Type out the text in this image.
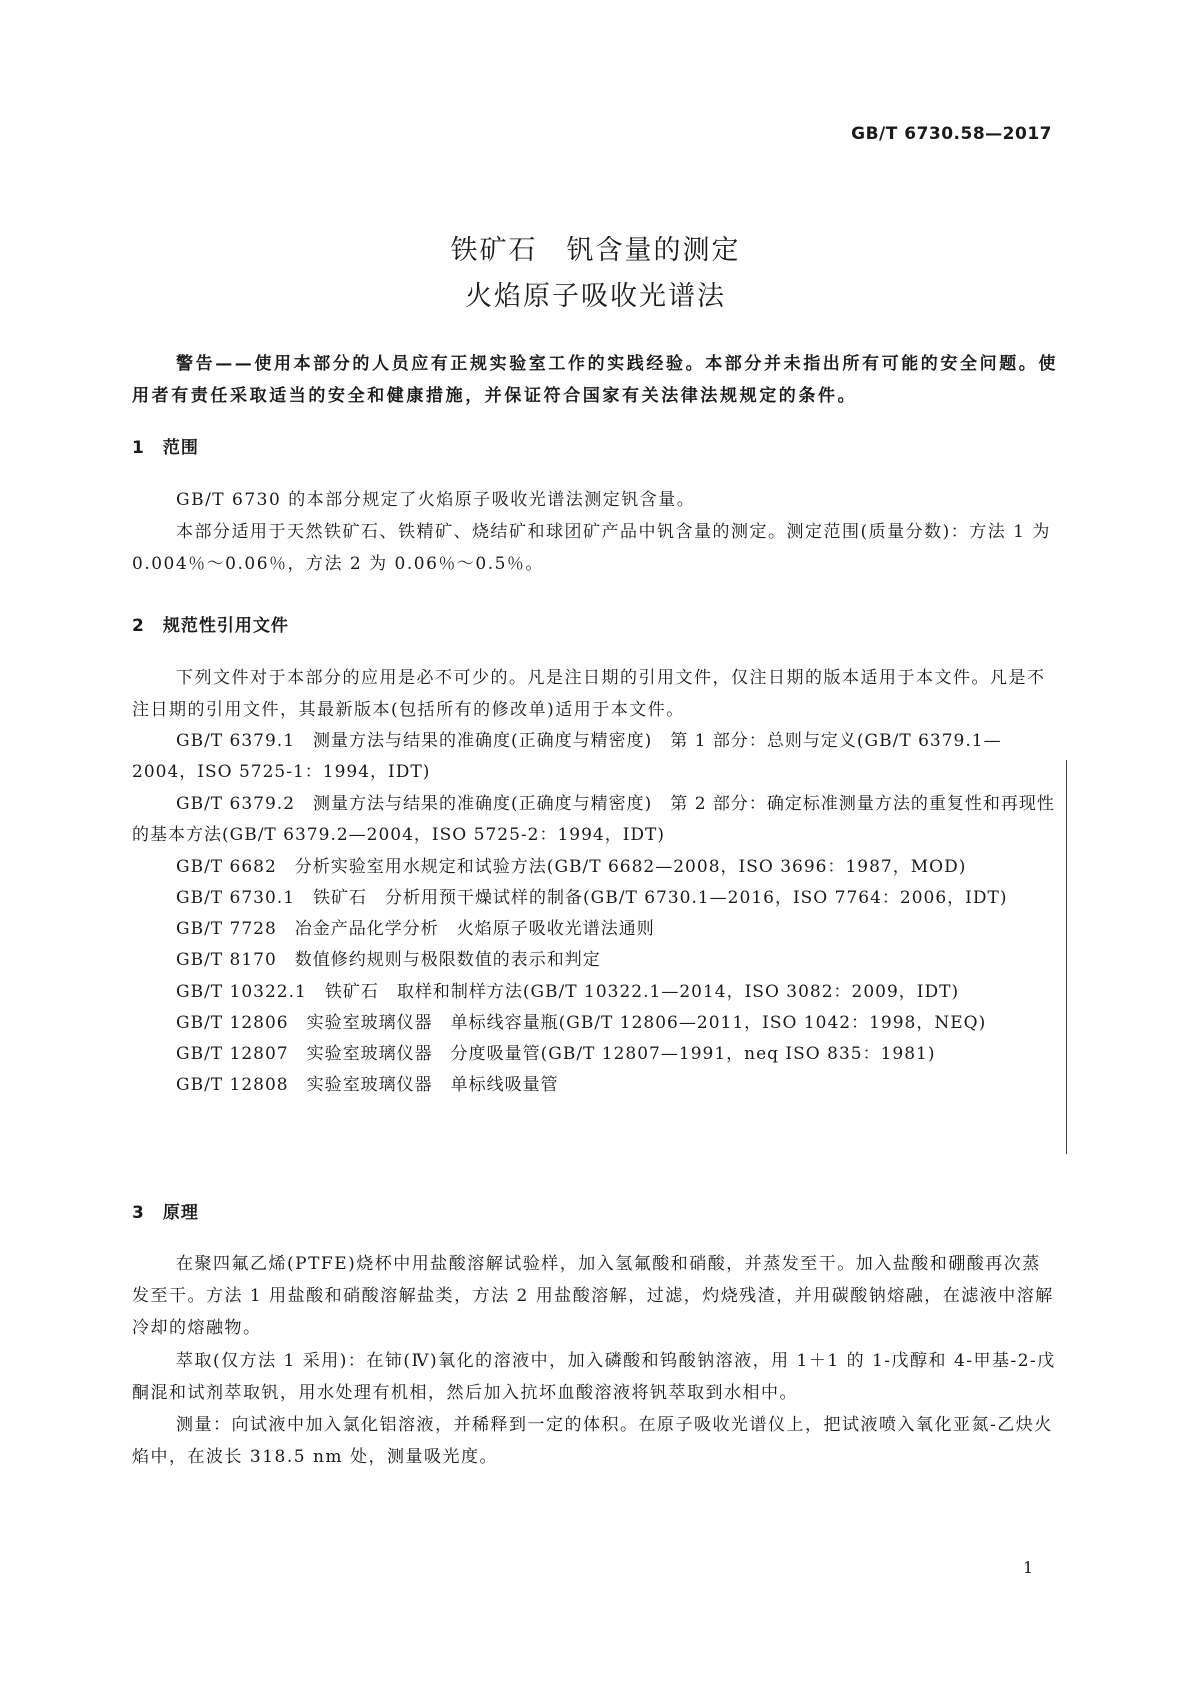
GB/T 6730.58—2017
铁矿石　钒含量的测定
火焰原子吸收光谱法
警告——使用本部分的人员应有正规实验室工作的实践经验。本部分并未指出所有可能的安全问题。使用者有责任采取适当的安全和健康措施，并保证符合国家有关法律法规规定的条件。
1　范围
GB/T 6730 的本部分规定了火焰原子吸收光谱法测定钒含量。
本部分适用于天然铁矿石、铁精矿、烧结矿和球团矿产品中钒含量的测定。测定范围(质量分数)：方法 1 为 0.004％～0.06％，方法 2 为 0.06％～0.5％。
2　规范性引用文件
下列文件对于本部分的应用是必不可少的。凡是注日期的引用文件，仅注日期的版本适用于本文件。凡是不注日期的引用文件，其最新版本(包括所有的修改单)适用于本文件。
GB/T 6379.1　测量方法与结果的准确度(正确度与精密度)　第 1 部分：总则与定义(GB/T 6379.1—2004，ISO 5725-1：1994，IDT)
GB/T 6379.2　测量方法与结果的准确度(正确度与精密度)　第 2 部分：确定标准测量方法的重复性和再现性的基本方法(GB/T 6379.2—2004，ISO 5725-2：1994，IDT)
GB/T 6682　分析实验室用水规定和试验方法(GB/T 6682—2008，ISO 3696：1987，MOD)
GB/T 6730.1　铁矿石　分析用预干燥试样的制备(GB/T 6730.1—2016，ISO 7764：2006，IDT)
GB/T 7728　冶金产品化学分析　火焰原子吸收光谱法通则
GB/T 8170　数值修约规则与极限数值的表示和判定
GB/T 10322.1　铁矿石　取样和制样方法(GB/T 10322.1—2014，ISO 3082：2009，IDT)
GB/T 12806　实验室玻璃仪器　单标线容量瓶(GB/T 12806—2011，ISO 1042：1998，NEQ)
GB/T 12807　实验室玻璃仪器　分度吸量管(GB/T 12807—1991，neq ISO 835：1981)
GB/T 12808　实验室玻璃仪器　单标线吸量管
3　原理
在聚四氟乙烯(PTFE)烧杯中用盐酸溶解试验样，加入氢氟酸和硝酸，并蒸发至干。加入盐酸和硼酸再次蒸发至干。方法 1 用盐酸和硝酸溶解盐类，方法 2 用盐酸溶解，过滤，灼烧残渣，并用碳酸钠熔融，在滤液中溶解冷却的熔融物。
萃取(仅方法 1 采用)：在铈(Ⅳ)氧化的溶液中，加入磷酸和钨酸钠溶液，用 1＋1 的 1-戊醇和 4-甲基-2-戊酮混和试剂萃取钒，用水处理有机相，然后加入抗坏血酸溶液将钒萃取到水相中。
测量：向试液中加入氯化铝溶液，并稀释到一定的体积。在原子吸收光谱仪上，把试液喷入氧化亚氮-乙炔火焰中，在波长 318.5 nm 处，测量吸光度。
1
